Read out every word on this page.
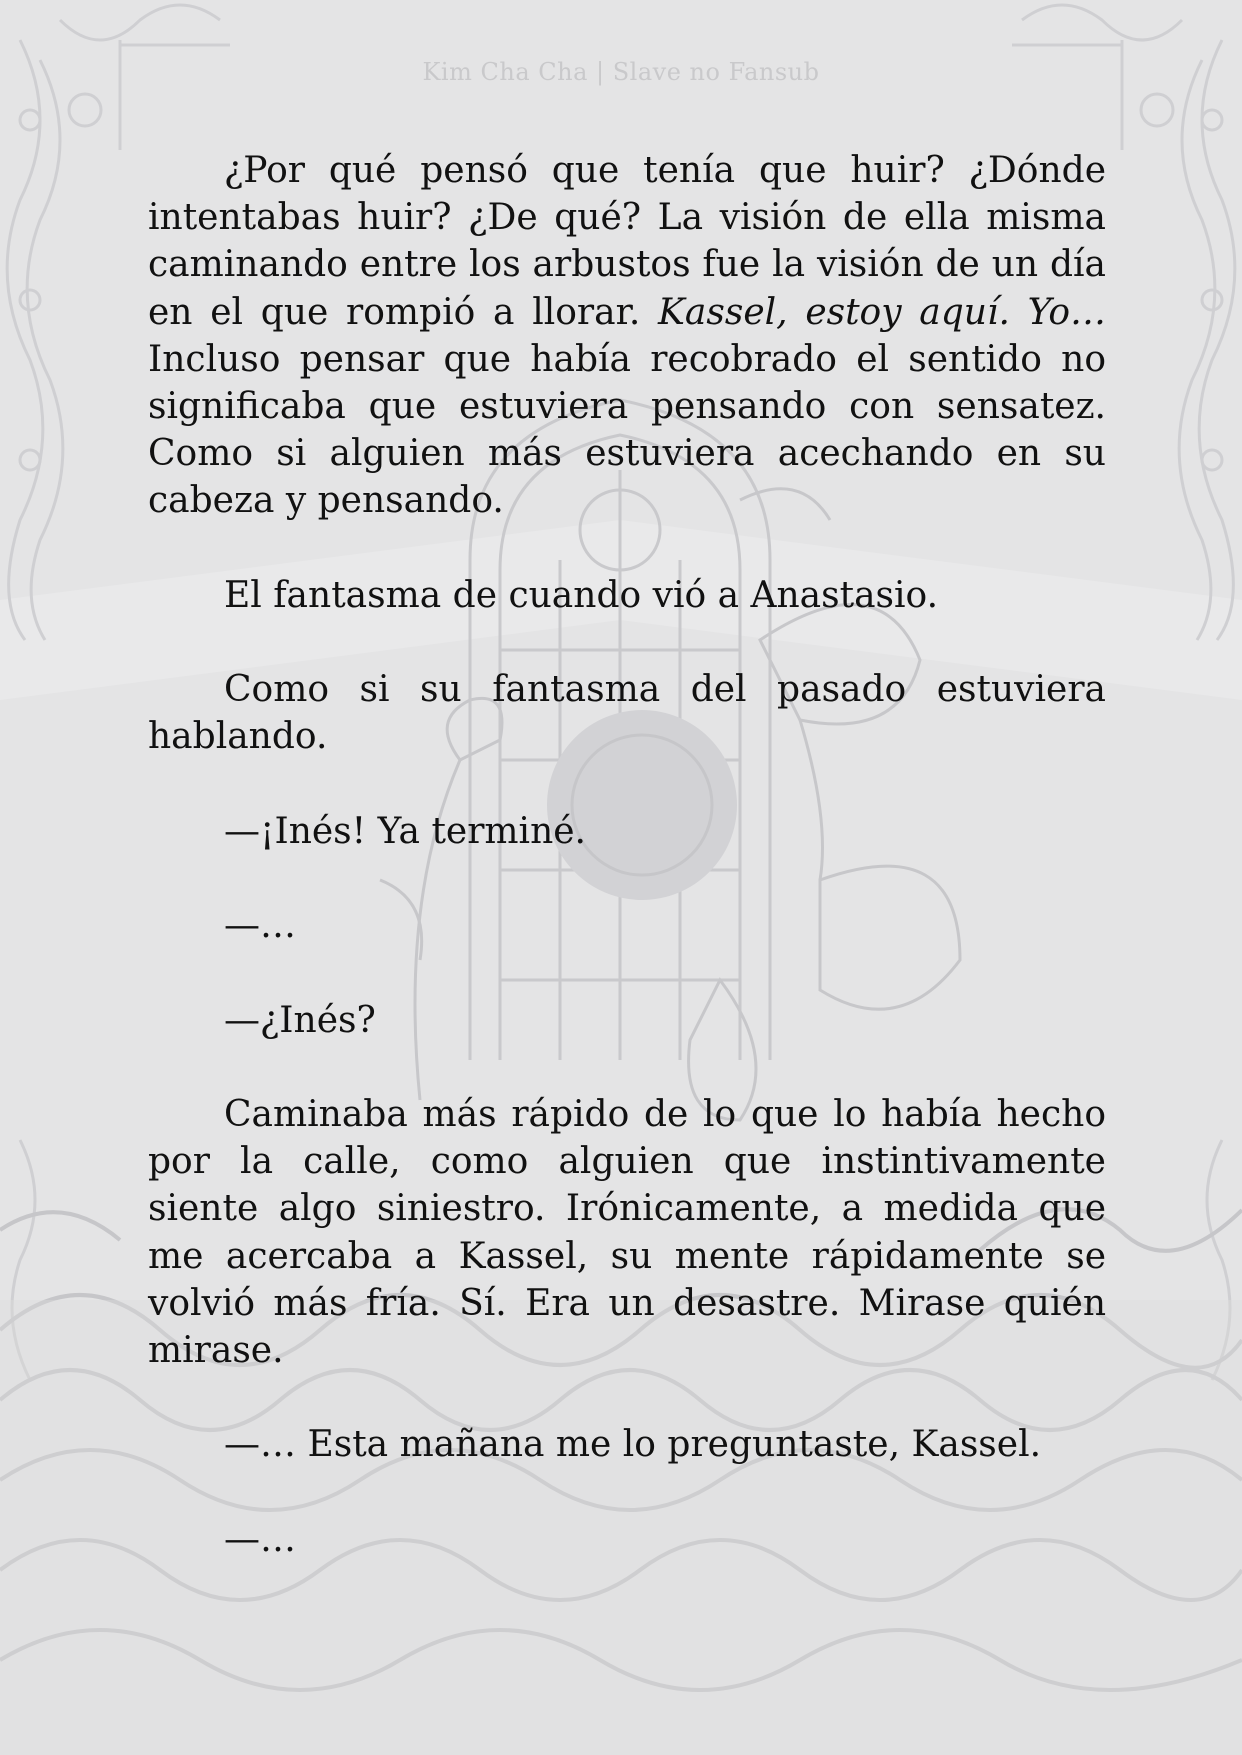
Kim Cha Cha | Slave no Fansub

¿Por qué pensó que tenía que huir? ¿Dónde intentabas huir? ¿De qué? La visión de ella misma caminando entre los arbustos fue la visión de un día en el que rompió a llorar. Kassel, estoy aquí. Yo… Incluso pensar que había recobrado el sentido no significaba que estuviera pensando con sensatez. Como si alguien más estuviera acechando en su cabeza y pensando.

El fantasma de cuando vió a Anastasio.

Como si su fantasma del pasado estuviera hablando.

—¡Inés! Ya terminé.

—…

—¿Inés?

Caminaba más rápido de lo que lo había hecho por la calle, como alguien que instintivamente siente algo siniestro. Irónicamente, a medida que me acercaba a Kassel, su mente rápidamente se volvió más fría. Sí. Era un desastre. Mirase quién mirase.

—… Esta mañana me lo preguntaste, Kassel.

—…
